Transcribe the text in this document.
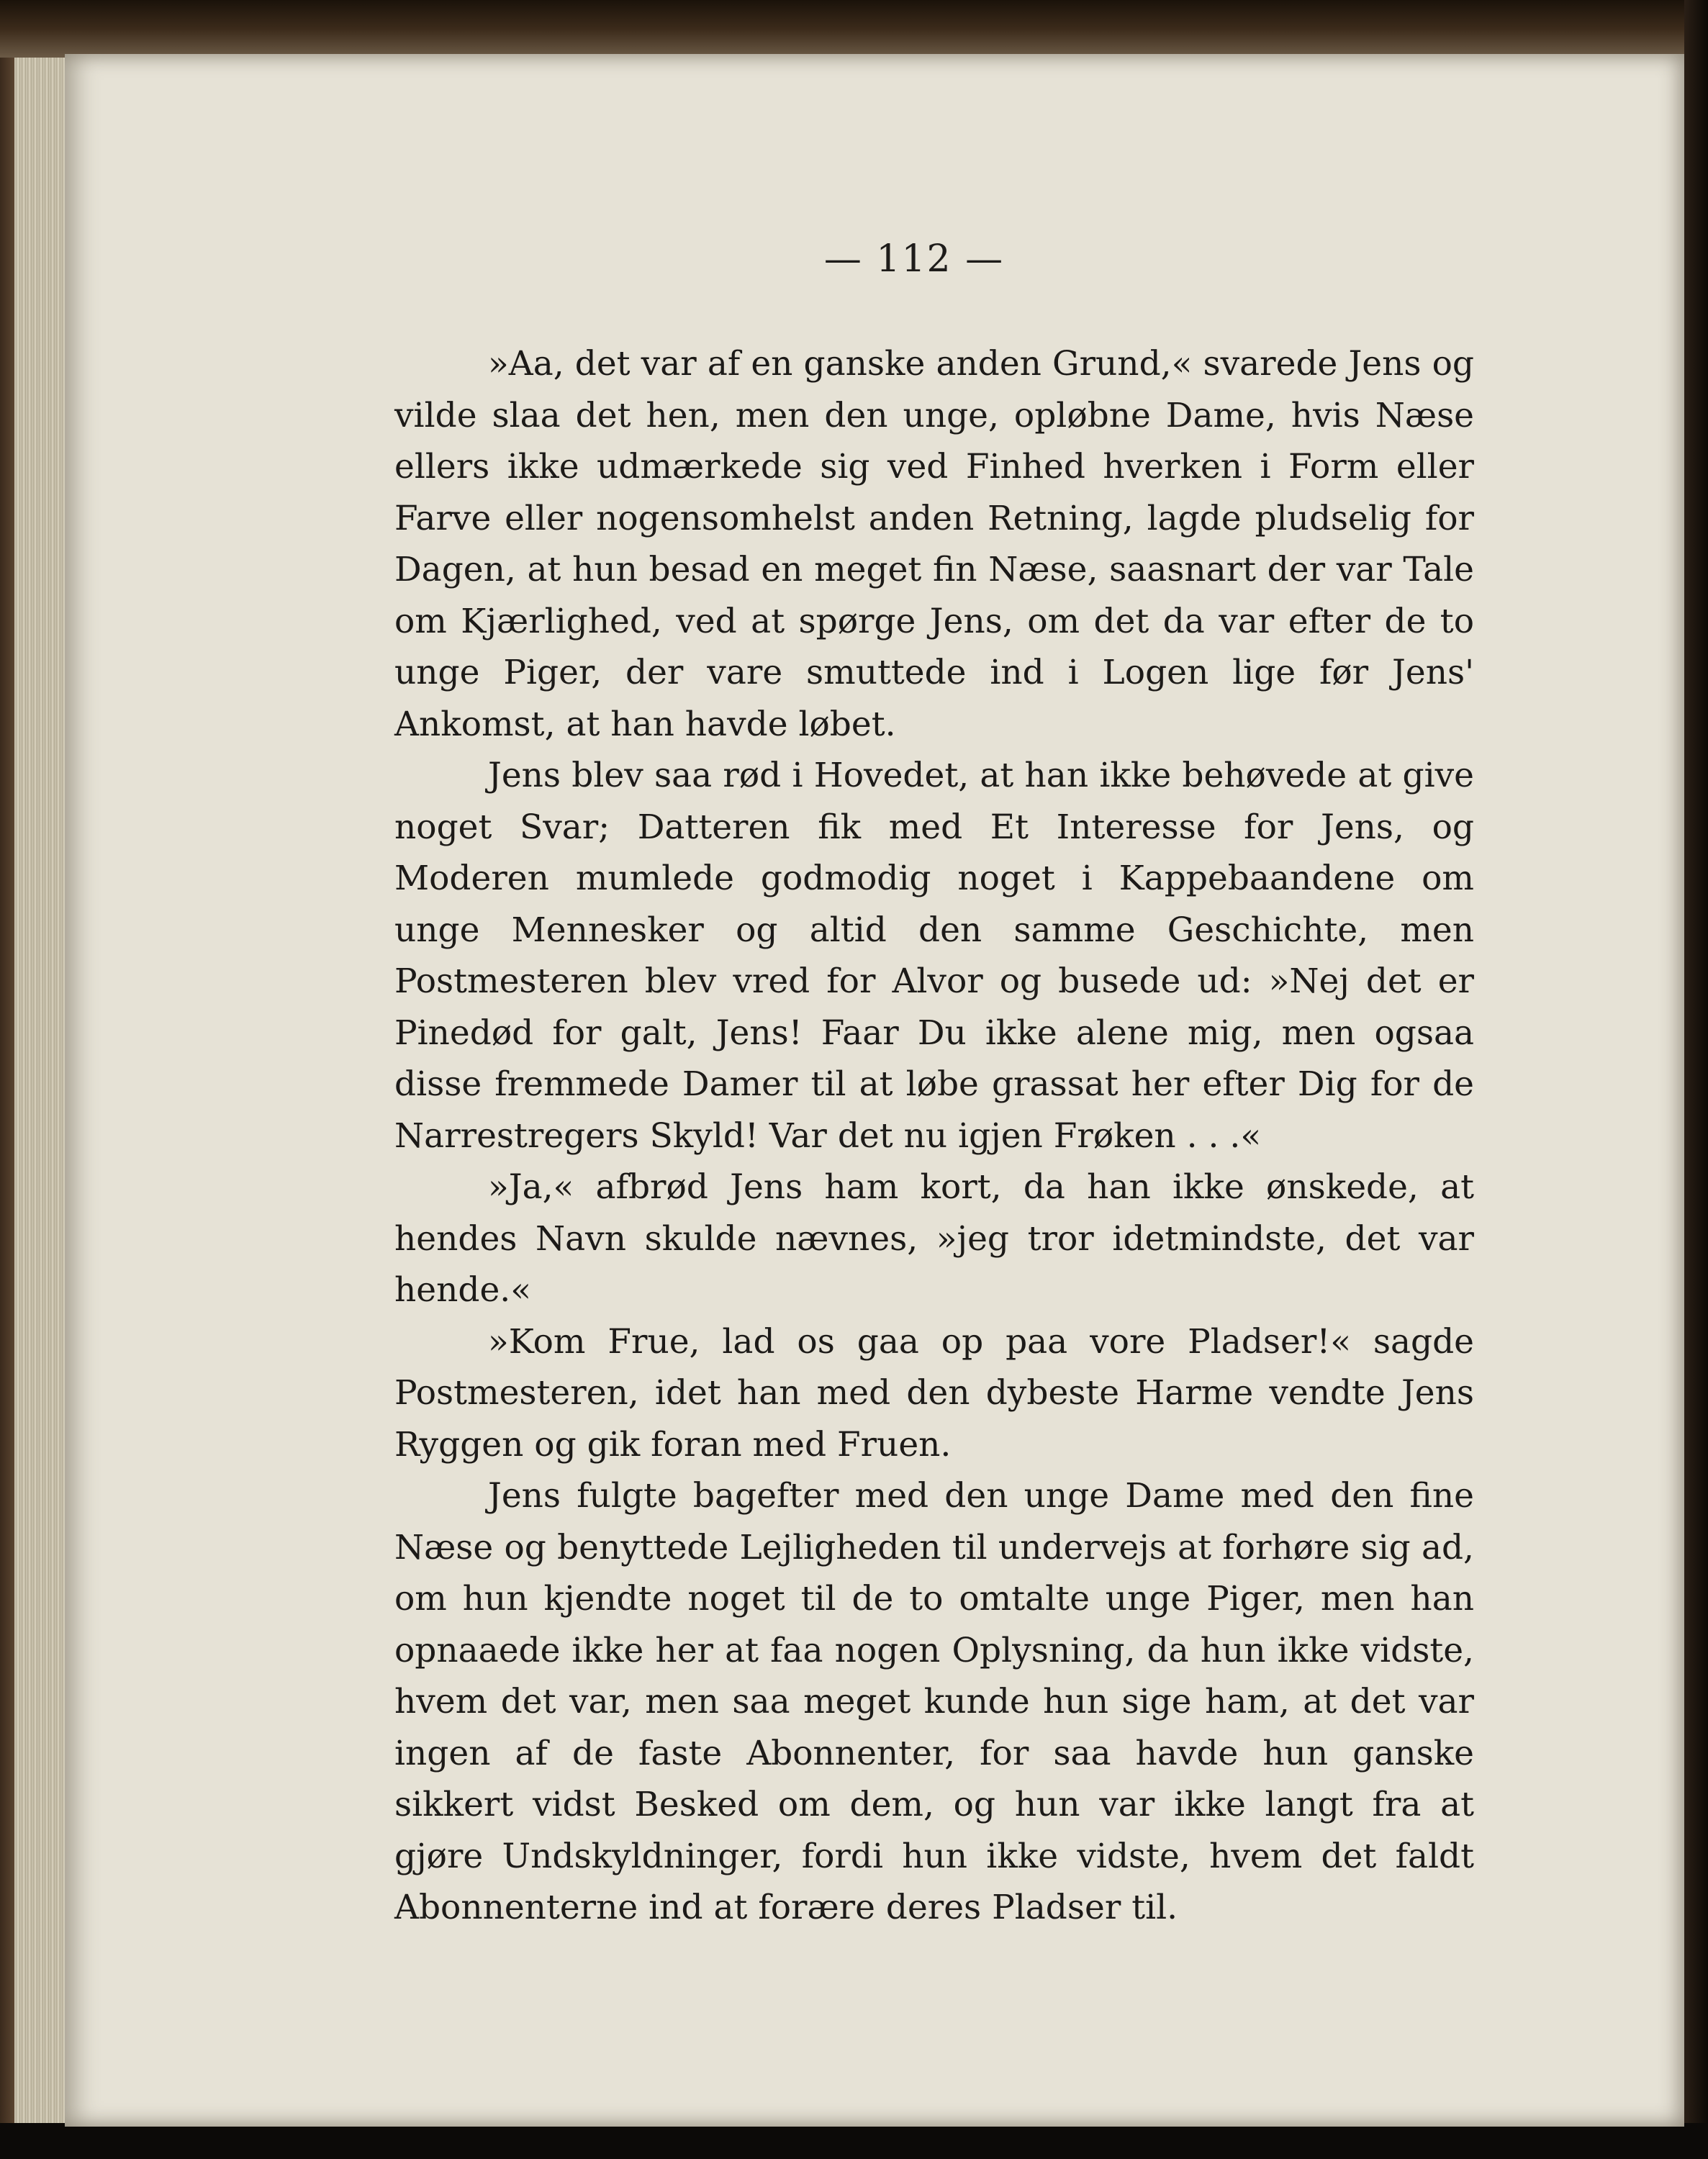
— 112 —

»Aa, det var af en ganske anden Grund,« svarede Jens og vilde slaa det hen, men den unge, opløbne Dame, hvis Næse ellers ikke udmærkede sig ved Finhed hverken i Form eller Farve eller nogensomhelst anden Retning, lagde pludselig for Dagen, at hun besad en meget fin Næse, saasnart der var Tale om Kjærlighed, ved at spørge Jens, om det da var efter de to unge Piger, der vare smuttede ind i Logen lige før Jens' Ankomst, at han havde løbet.

Jens blev saa rød i Hovedet, at han ikke behøvede at give noget Svar; Datteren fik med Et Interesse for Jens, og Moderen mumlede godmodig noget i Kappebaandene om unge Mennesker og altid den samme Geschichte, men Postmesteren blev vred for Alvor og busede ud: »Nej det er Pinedød for galt, Jens! Faar Du ikke alene mig, men ogsaa disse fremmede Damer til at løbe grassat her efter Dig for de Narrestregers Skyld! Var det nu igjen Frøken . . .«

»Ja,« afbrød Jens ham kort, da han ikke ønskede, at hendes Navn skulde nævnes, »jeg tror idetmindste, det var hende.«

»Kom Frue, lad os gaa op paa vore Pladser!« sagde Postmesteren, idet han med den dybeste Harme vendte Jens Ryggen og gik foran med Fruen.

Jens fulgte bagefter med den unge Dame med den fine Næse og benyttede Lejligheden til undervejs at forhøre sig ad, om hun kjendte noget til de to omtalte unge Piger, men han opnaaede ikke her at faa nogen Oplysning, da hun ikke vidste, hvem det var, men saa meget kunde hun sige ham, at det var ingen af de faste Abonnenter, for saa havde hun ganske sikkert vidst Besked om dem, og hun var ikke langt fra at gjøre Undskyldninger, fordi hun ikke vidste, hvem det faldt Abonnenterne ind at forære deres Pladser til.
